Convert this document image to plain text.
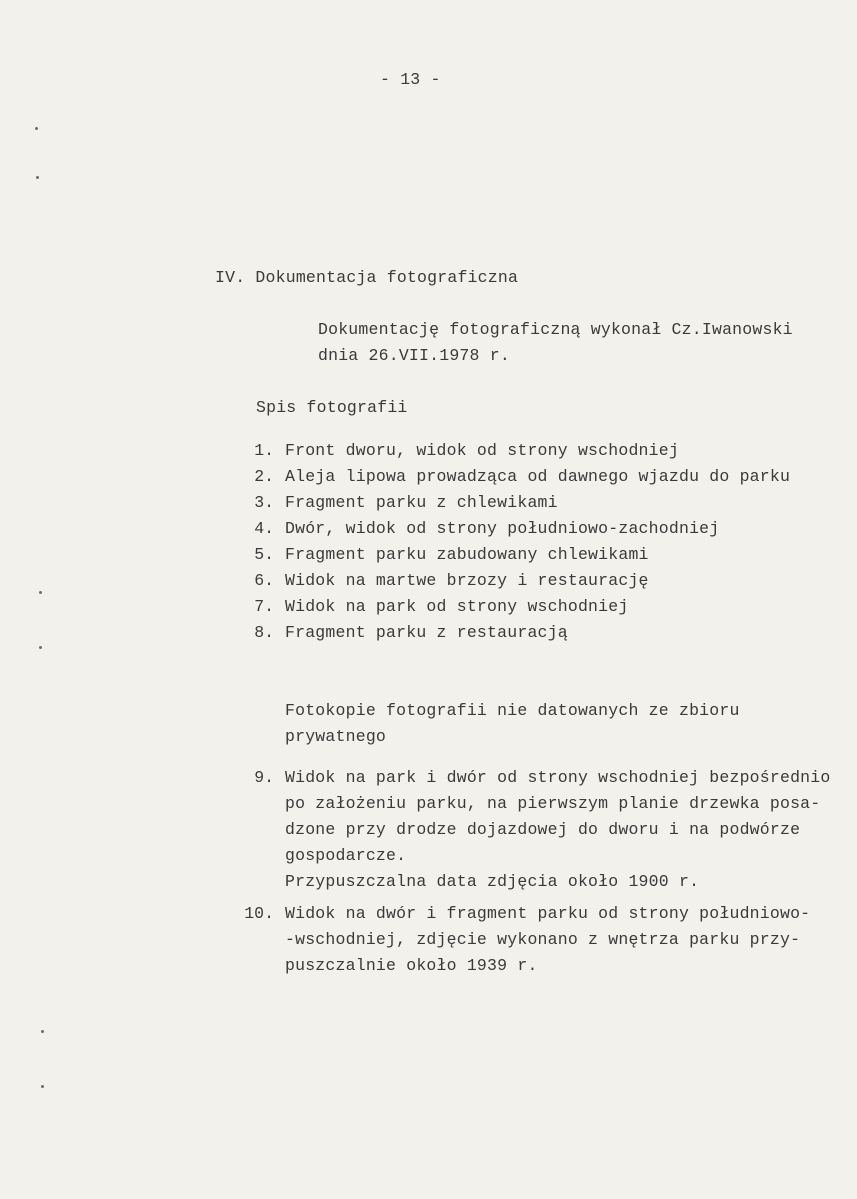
- 13 -
IV. Dokumentacja fotograficzna
Dokumentację fotograficzną wykonał Cz.Iwanowski
dnia 26.VII.1978 r.
Spis fotografii
1. Front dworu, widok od strony wschodniej
2. Aleja lipowa prowadząca od dawnego wjazdu do parku
3. Fragment parku z chlewikami
4. Dwór, widok od strony południowo-zachodniej
5. Fragment parku zabudowany chlewikami
6. Widok na martwe brzozy i restaurację
7. Widok na park od strony wschodniej
8. Fragment parku z restauracją
Fotokopie fotografii nie datowanych ze zbioru
prywatnego
9. Widok na park i dwór od strony wschodniej bezpośrednio
po założeniu parku, na pierwszym planie drzewka posa-
dzone przy drodze dojazdowej do dworu i na podwórze
gospodarcze.
Przypuszczalna data zdjęcia około 1900 r.
10. Widok na dwór i fragment parku od strony południowo-
-wschodniej, zdjęcie wykonano z wnętrza parku przy-
puszczalnie około 1939 r.
